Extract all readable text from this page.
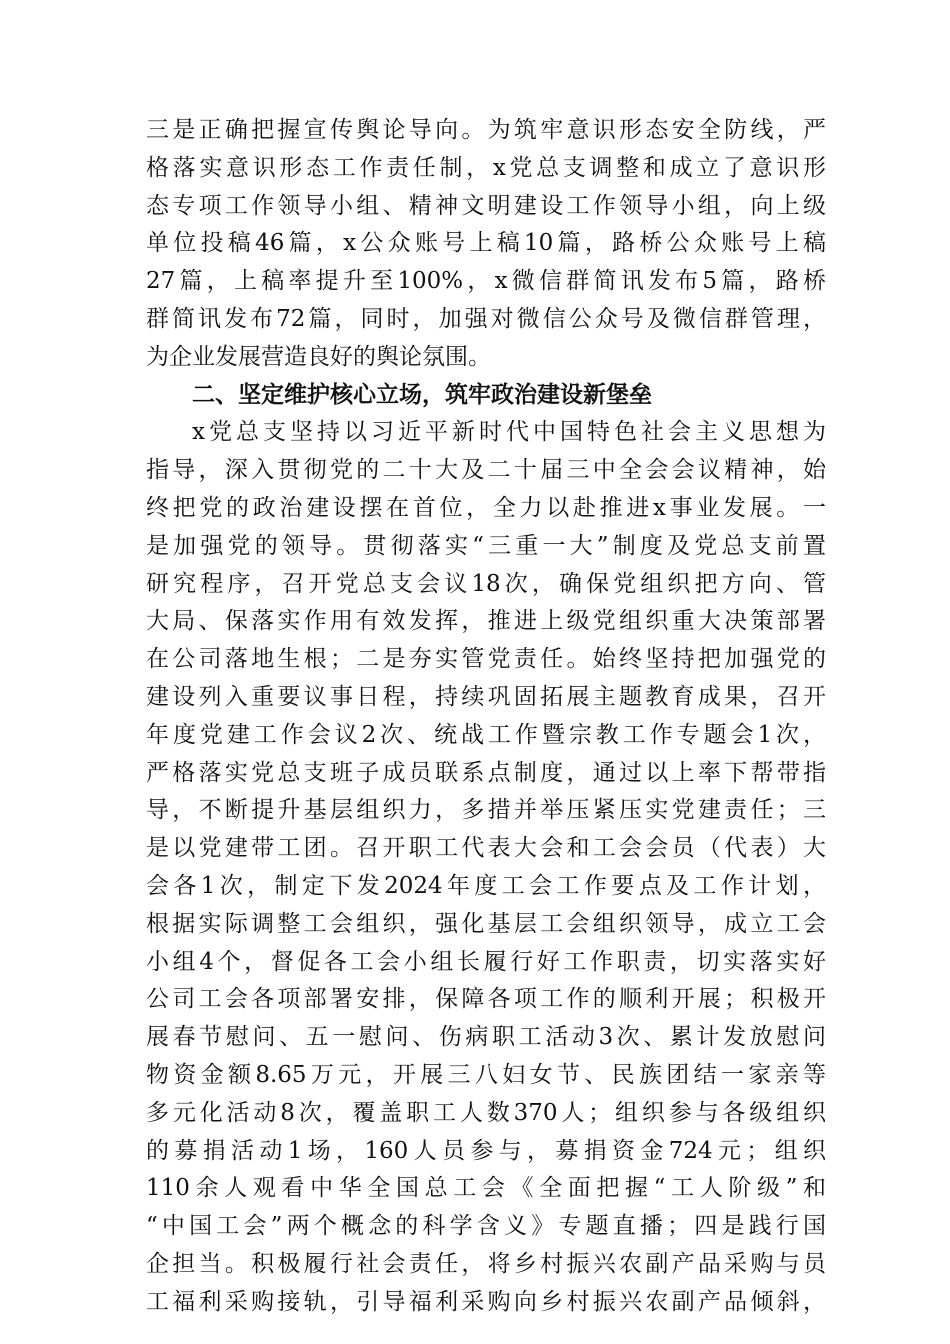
三是正确把握宣传舆论导向。为筑牢意识形态安全防线，严
格落实意识形态工作责任制，x党总支调整和成立了意识形
态专项工作领导小组、精神文明建设工作领导小组，向上级
单位投稿46篇，x公众账号上稿10篇，路桥公众账号上稿
27篇，上稿率提升至100%，x微信群简讯发布5篇，路桥
群简讯发布72篇，同时，加强对微信公众号及微信群管理，
为企业发展营造良好的舆论氛围。
二、坚定维护核心立场，筑牢政治建设新堡垒
x党总支坚持以习近平新时代中国特色社会主义思想为
指导，深入贯彻党的二十大及二十届三中全会会议精神，始
终把党的政治建设摆在首位，全力以赴推进x事业发展。一
是加强党的领导。贯彻落实“三重一大”制度及党总支前置
研究程序，召开党总支会议18次，确保党组织把方向、管
大局、保落实作用有效发挥，推进上级党组织重大决策部署
在公司落地生根；二是夯实管党责任。始终坚持把加强党的
建设列入重要议事日程，持续巩固拓展主题教育成果，召开
年度党建工作会议2次、统战工作暨宗教工作专题会1次，
严格落实党总支班子成员联系点制度，通过以上率下帮带指
导，不断提升基层组织力，多措并举压紧压实党建责任；三
是以党建带工团。召开职工代表大会和工会会员（代表）大
会各1次，制定下发2024年度工会工作要点及工作计划，
根据实际调整工会组织，强化基层工会组织领导，成立工会
小组4个，督促各工会小组长履行好工作职责，切实落实好
公司工会各项部署安排，保障各项工作的顺利开展；积极开
展春节慰问、五一慰问、伤病职工活动3次、累计发放慰问
物资金额8.65万元，开展三八妇女节、民族团结一家亲等
多元化活动8次，覆盖职工人数370人；组织参与各级组织
的募捐活动1场，160人员参与，募捐资金724元；组织
110余人观看中华全国总工会《全面把握“工人阶级”和
“中国工会”两个概念的科学含义》专题直播；四是践行国
企担当。积极履行社会责任，将乡村振兴农副产品采购与员
工福利采购接轨，引导福利采购向乡村振兴农副产品倾斜，
